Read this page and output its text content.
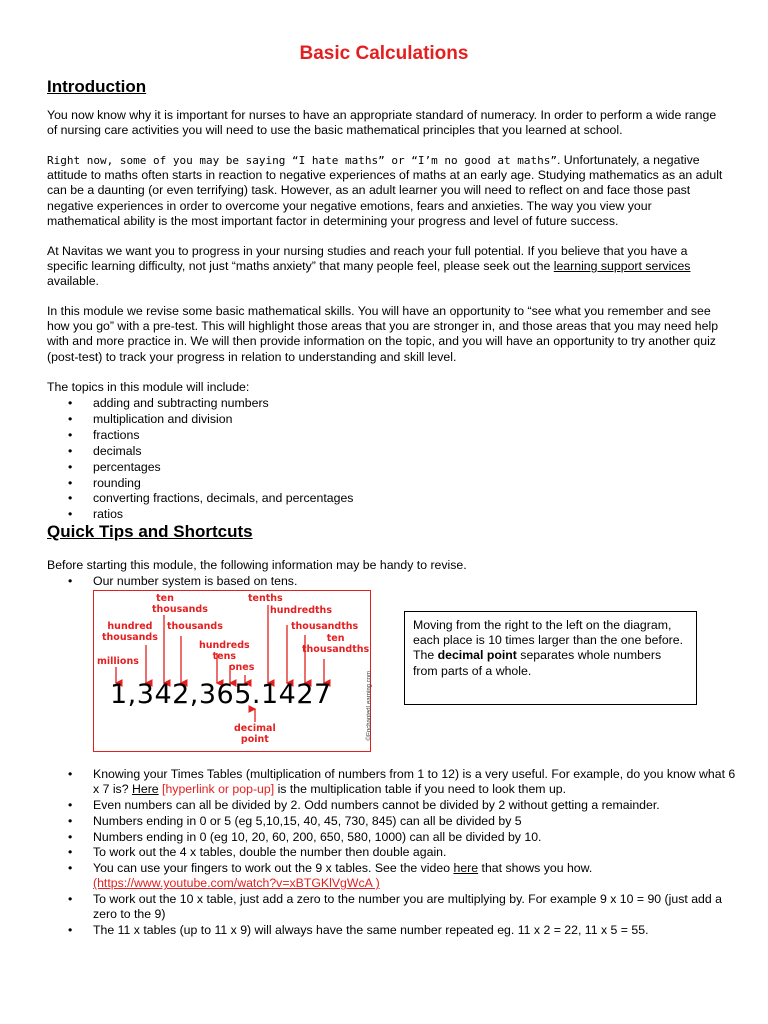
Basic Calculations
Introduction
You now know why it is important for nurses to have an appropriate standard of numeracy. In order to perform a wide range of nursing care activities you will need to use the basic mathematical principles that you learned at school.
Right now, some of you may be saying “I hate maths” or “I’m no good at maths”. Unfortunately, a negative attitude to maths often starts in reaction to negative experiences of maths at an early age. Studying mathematics as an adult can be a daunting (or even terrifying) task. However, as an adult learner you will need to reflect on and face those past negative experiences in order to overcome your negative emotions, fears and anxieties. The way you view your mathematical ability is the most important factor in determining your progress and level of future success.
At Navitas we want you to progress in your nursing studies and reach your full potential. If you believe that you have a specific learning difficulty, not just “maths anxiety” that many people feel, please seek out the learning support services available.
In this module we revise some basic mathematical skills. You will have an opportunity to “see what you remember and see how you go” with a pre-test. This will highlight those areas that you are stronger in, and those areas that you may need help with and more practice in. We will then provide information on the topic, and you will have an opportunity to try another quiz (post-test) to track your progress in relation to understanding and skill level.
The topics in this module will include:
• adding and subtracting numbers
• multiplication and division
• fractions
• decimals
• percentages
• rounding
• converting fractions, decimals, and percentages
• ratios
Quick Tips and Shortcuts
Before starting this module, the following information may be handy to revise.
• Our number system is based on tens.
ten
thousands
tenths
hundred
thousands
thousands
hundredths
thousandths
ten
thousandths
hundreds
tens
ones
millions
1,342,365.1427
decimal
point	©EnchantedLearning.com
Moving from the right to the left on the diagram, each place is 10 times larger than the one before.
The decimal point separates whole numbers from parts of a whole.
• Knowing your Times Tables (multiplication of numbers from 1 to 12) is a very useful. For example, do you know what 6 x 7 is? Here [hyperlink or pop-up] is the multiplication table if you need to look them up.
• Even numbers can all be divided by 2. Odd numbers cannot be divided by 2 without getting a remainder.
• Numbers ending in 0 or 5 (eg 5,10,15, 40, 45, 730, 845) can all be divided by 5
• Numbers ending in 0 (eg 10, 20, 60, 200, 650, 580, 1000) can all be divided by 10.
• To work out the 4 x tables, double the number then double again.
• You can use your fingers to work out the 9 x tables. See the video here that shows you how.
(https://www.youtube.com/watch?v=xBTGKlVgWcA )
• To work out the 10 x table, just add a zero to the number you are multiplying by. For example 9 x 10 = 90 (just add a zero to the 9)
• The 11 x tables (up to 11 x 9) will always have the same number repeated eg. 11 x 2 = 22, 11 x 5 = 55.
